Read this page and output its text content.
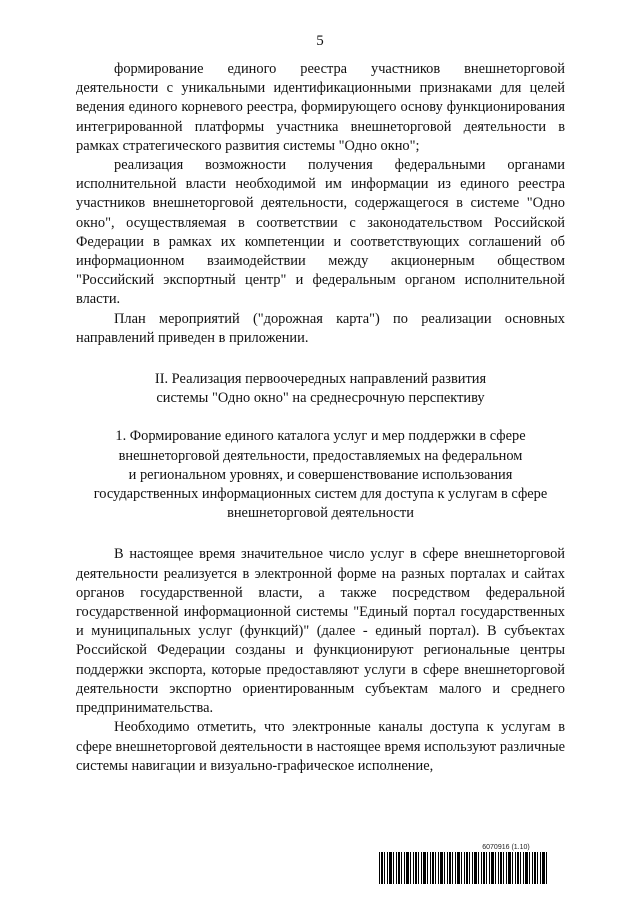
5

формирование единого реестра участников внешнеторговой деятельности с уникальными идентификационными признаками для целей ведения единого корневого реестра, формирующего основу функционирования интегрированной платформы участника внешнеторговой деятельности в рамках стратегического развития системы "Одно окно";

реализация возможности получения федеральными органами исполнительной власти необходимой им информации из единого реестра участников внешнеторговой деятельности, содержащегося в системе "Одно окно", осуществляемая в соответствии с законодательством Российской Федерации в рамках их компетенции и соответствующих соглашений об информационном взаимодействии между акционерным обществом "Российский экспортный центр" и федеральным органом исполнительной власти.

План мероприятий ("дорожная карта") по реализации основных направлений приведен в приложении.

II. Реализация первоочередных направлений развития
системы "Одно окно" на среднесрочную перспективу
1. Формирование единого каталога услуг и мер поддержки в сфере
внешнеторговой деятельности, предоставляемых на федеральном
и региональном уровнях, и совершенствование использования
государственных информационных систем для доступа к услугам в сфере
внешнеторговой деятельности

В настоящее время значительное число услуг в сфере внешнеторговой деятельности реализуется в электронной форме на разных порталах и сайтах органов государственной власти, а также посредством федеральной государственной информационной системы "Единый портал государственных и муниципальных услуг (функций)" (далее - единый портал). В субъектах Российской Федерации созданы и функционируют региональные центры поддержки экспорта, которые предоставляют услуги в сфере внешнеторговой деятельности экспортно ориентированным субъектам малого и среднего предпринимательства.

Необходимо отметить, что электронные каналы доступа к услугам в сфере внешнеторговой деятельности в настоящее время используют различные системы навигации и визуально-графическое исполнение,

6070916 (1.10)
